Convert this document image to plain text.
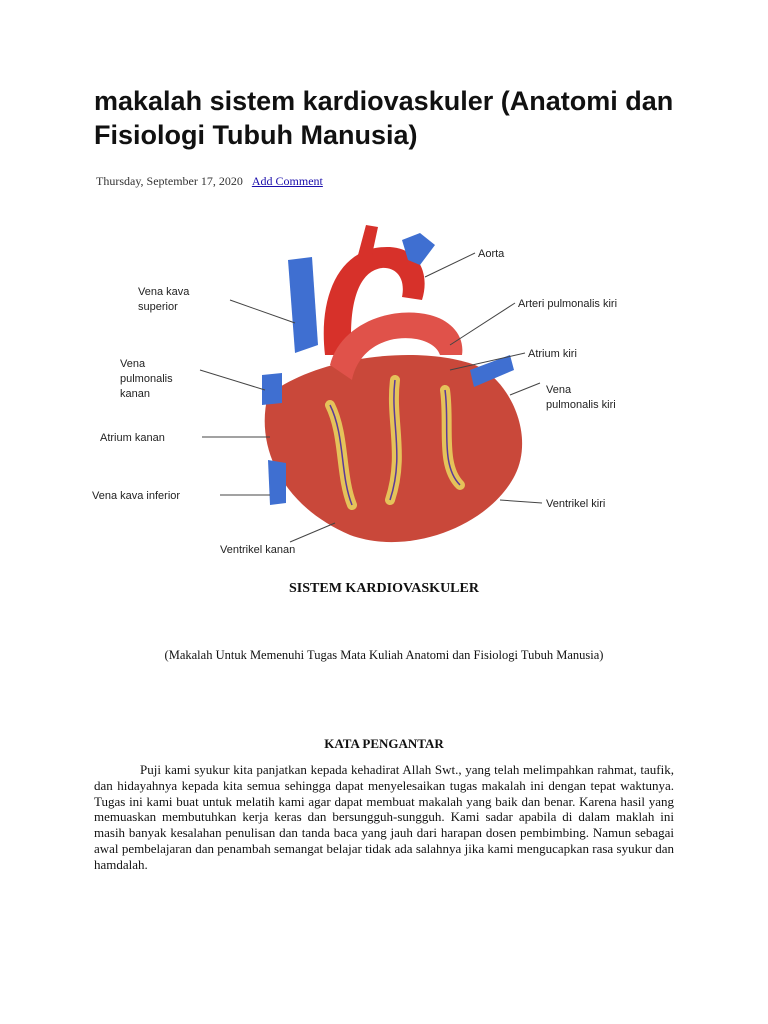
makalah sistem kardiovaskuler (Anatomi dan Fisiologi Tubuh Manusia)
Thursday, September 17, 2020 Add Comment
Aorta
Arteri pulmonalis kiri
Atrium kiri
Vena
pulmonalis kiri
Ventrikel kiri
Ventrikel kanan
Vena kava inferior
Atrium kanan
Vena
pulmonalis
kanan
Vena kava
superior
SISTEM KARDIOVASKULER

(Makalah Untuk Memenuhi Tugas Mata Kuliah Anatomi dan Fisiologi Tubuh Manusia)

KATA PENGANTAR

Puji kami syukur kita panjatkan kepada kehadirat Allah Swt., yang telah melimpahkan rahmat, taufik, dan hidayahnya kepada kita semua sehingga dapat menyelesaikan tugas makalah ini dengan tepat waktunya. Tugas ini kami buat untuk melatih kami agar dapat membuat makalah yang baik dan benar. Karena hasil yang memuaskan membutuhkan kerja keras dan bersungguh-sungguh. Kami sadar apabila di dalam maklah ini masih banyak kesalahan penulisan dan tanda baca yang jauh dari harapan dosen pembimbing. Namun sebagai awal pembelajaran dan penambah semangat belajar tidak ada salahnya jika kami mengucapkan rasa syukur dan hamdalah.
